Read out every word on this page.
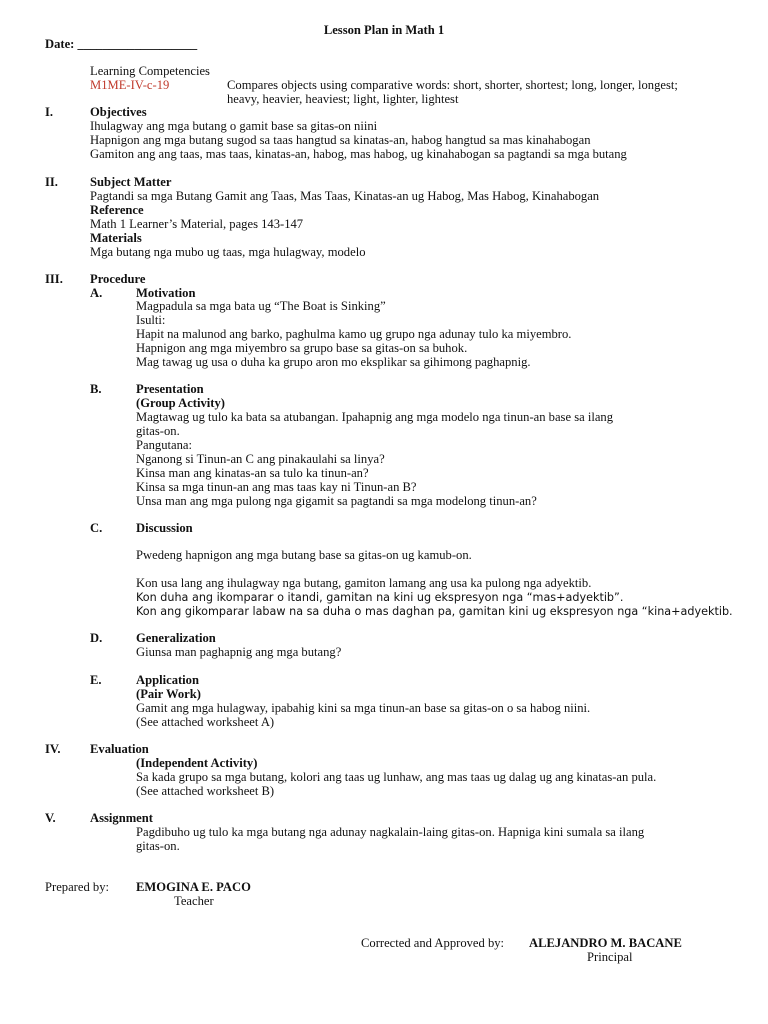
Lesson Plan in Math 1
Date: ___________________
Learning Competencies
M1ME-IV-c-19	Compares objects using comparative words: short, shorter, shortest; long, longer, longest;
heavy, heavier, heaviest; light, lighter, lightest
I.	Objectives
Ihulagway ang mga butang o gamit base sa gitas-on niini
Hapnigon ang mga butang sugod sa taas hangtud sa kinatas-an, habog hangtud sa mas kinahabogan
Gamiton ang ang taas, mas taas, kinatas-an, habog, mas habog, ug kinahabogan sa pagtandi sa mga butang
II.	Subject Matter
Pagtandi sa mga Butang Gamit ang Taas, Mas Taas, Kinatas-an ug Habog, Mas Habog, Kinahabogan
Reference
Math 1 Learner’s Material, pages 143-147
Materials
Mga butang nga mubo ug taas, mga hulagway, modelo
III. Procedure
A.	Motivation
Magpadula sa mga bata ug “The Boat is Sinking”
Isulti:
Hapit na malunod ang barko, paghulma kamo ug grupo nga adunay tulo ka miyembro.
Hapnigon ang mga miyembro sa grupo base sa gitas-on sa buhok.
Mag tawag ug usa o duha ka grupo aron mo eksplikar sa gihimong paghapnig.
B.	Presentation
(Group Activity)
Magtawag ug tulo ka bata sa atubangan. Ipahapnig ang mga modelo nga tinun-an base sa ilang
gitas-on.
Pangutana:
Nganong si Tinun-an C ang pinakaulahi sa linya?
Kinsa man ang kinatas-an sa tulo ka tinun-an?
Kinsa sa mga tinun-an ang mas taas kay ni Tinun-an B?
Unsa man ang mga pulong nga gigamit sa pagtandi sa mga modelong tinun-an?
C.	Discussion
Pwedeng hapnigon ang mga butang base sa gitas-on ug kamub-on.
Kon usa lang ang ihulagway nga butang, gamiton lamang ang usa ka pulong nga adyektib.
Kon duha ang ikomparar o itandi, gamitan na kini ug ekspresyon nga “mas+adyektib”.
Kon ang gikomparar labaw na sa duha o mas daghan pa, gamitan kini ug ekspresyon nga “kina+adyektib.
D.	Generalization
Giunsa man paghapnig ang mga butang?
E.	Application
(Pair Work)
Gamit ang mga hulagway, ipabahig kini sa mga tinun-an base sa gitas-on o sa habog niini.
(See attached worksheet A)
IV. Evaluation
(Independent Activity)
Sa kada grupo sa mga butang, kolori ang taas ug lunhaw, ang mas taas ug dalag ug ang kinatas-an pula.
(See attached worksheet B)
V.	Assignment
Pagdibuho ug tulo ka mga butang nga adunay nagkalain-laing gitas-on. Hapniga kini sumala sa ilang
gitas-on.
Prepared by: EMOGINA E. PACO
Teacher
Corrected and Approved by: ALEJANDRO M. BACANE
Principal
